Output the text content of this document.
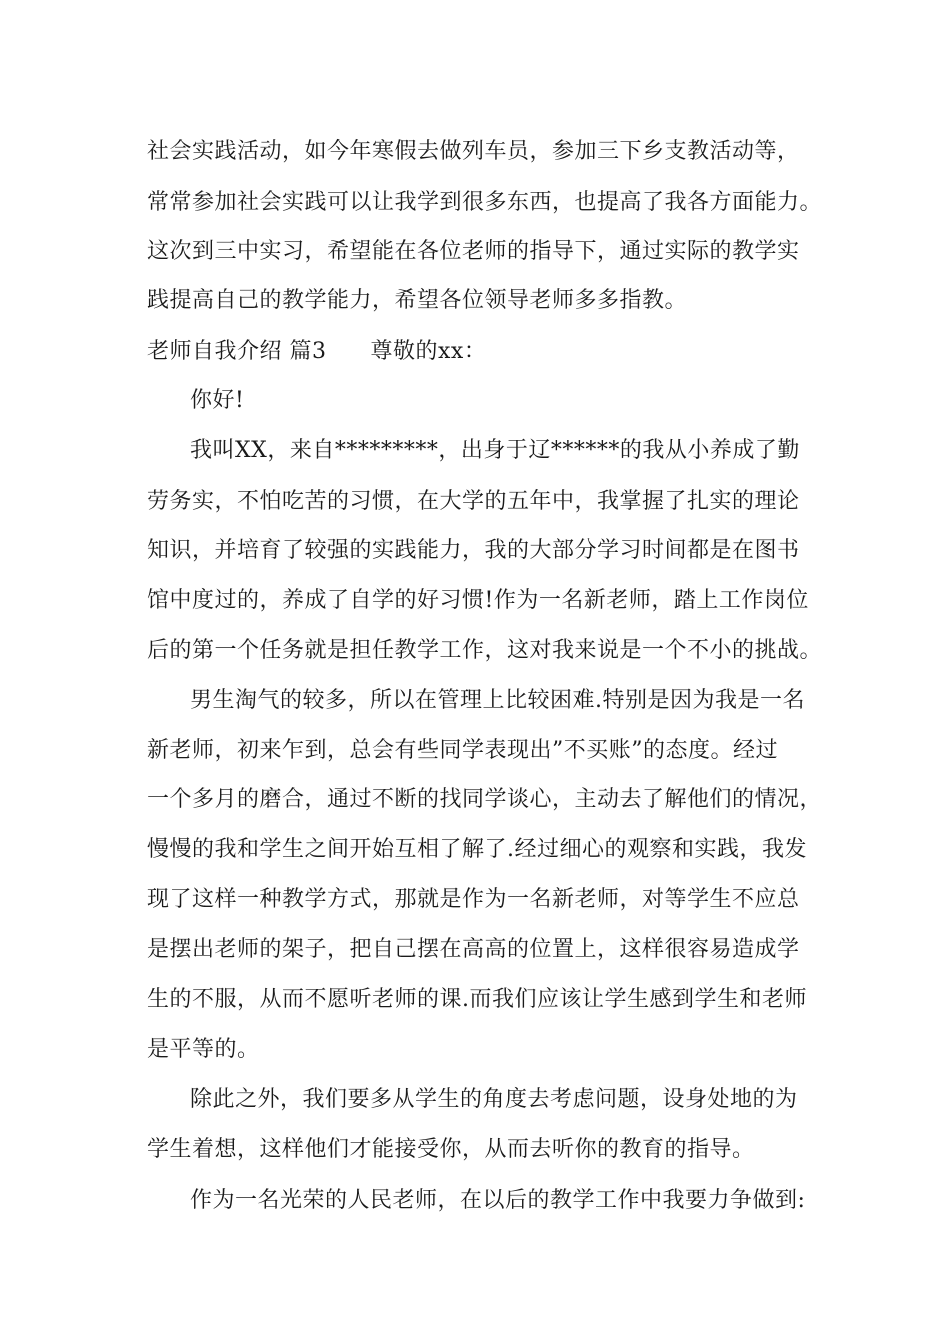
社会实践活动，如今年寒假去做列车员，参加三下乡支教活动等，
常常参加社会实践可以让我学到很多东西，也提高了我各方面能力。
这次到三中实习，希望能在各位老师的指导下，通过实际的教学实
践提高自己的教学能力，希望各位领导老师多多指教。
老师自我介绍 篇3 尊敬的xx：
你好!
我叫XX，来自*********，出身于辽******的我从小养成了勤
劳务实，不怕吃苦的习惯，在大学的五年中，我掌握了扎实的理论
知识，并培育了较强的实践能力，我的大部分学习时间都是在图书
馆中度过的，养成了自学的好习惯!作为一名新老师，踏上工作岗位
后的第一个任务就是担任教学工作，这对我来说是一个不小的挑战。
男生淘气的较多，所以在管理上比较困难.特别是因为我是一名
新老师，初来乍到，总会有些同学表现出”不买账”的态度。经过
一个多月的磨合，通过不断的找同学谈心，主动去了解他们的情况，
慢慢的我和学生之间开始互相了解了.经过细心的观察和实践，我发
现了这样一种教学方式，那就是作为一名新老师，对等学生不应总
是摆出老师的架子，把自己摆在高高的位置上，这样很容易造成学
生的不服，从而不愿听老师的课.而我们应该让学生感到学生和老师
是平等的。
除此之外，我们要多从学生的角度去考虑问题，设身处地的为
学生着想，这样他们才能接受你，从而去听你的教育的指导。
作为一名光荣的人民老师，在以后的教学工作中我要力争做到:
